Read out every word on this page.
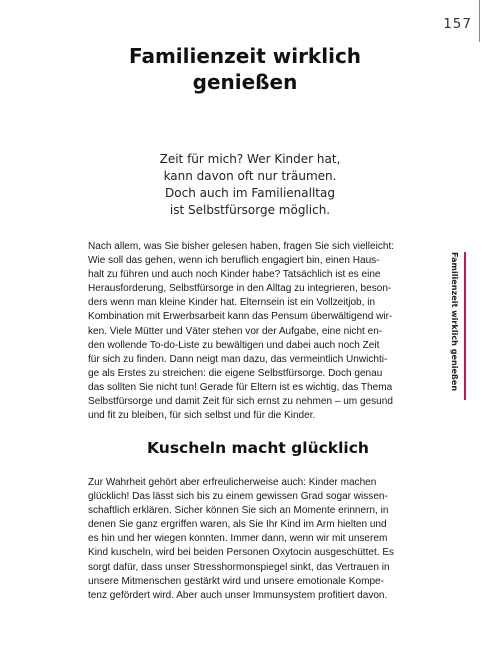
157
Familienzeit wirklich genießen

Zeit für mich? Wer Kinder hat,
kann davon oft nur träumen.
Doch auch im Familienalltag
ist Selbstfürsorge möglich.

Nach allem, was Sie bisher gelesen haben, fragen Sie sich vielleicht:
Wie soll das gehen, wenn ich beruflich engagiert bin, einen Haus-
halt zu führen und auch noch Kinder habe? Tatsächlich ist es eine
Herausforderung, Selbstfürsorge in den Alltag zu integrieren, beson-
ders wenn man kleine Kinder hat. Elternsein ist ein Vollzeitjob, in
Kombination mit Erwerbsarbeit kann das Pensum überwältigend wir-
ken. Viele Mütter und Väter stehen vor der Aufgabe, eine nicht en-
den wollende To-do-Liste zu bewältigen und dabei auch noch Zeit
für sich zu finden. Dann neigt man dazu, das vermeintlich Unwichti-
ge als Erstes zu streichen: die eigene Selbstfürsorge. Doch genau
das sollten Sie nicht tun! Gerade für Eltern ist es wichtig, das Thema
Selbstfürsorge und damit Zeit für sich ernst zu nehmen – um gesund
und fit zu bleiben, für sich selbst und für die Kinder.

Familienzeit wirklich genießen
Kuscheln macht glücklich

Zur Wahrheit gehört aber erfreulicherweise auch: Kinder machen
glücklich! Das lässt sich bis zu einem gewissen Grad sogar wissen-
schaftlich erklären. Sicher können Sie sich an Momente erinnern, in
denen Sie ganz ergriffen waren, als Sie Ihr Kind im Arm hielten und
es hin und her wiegen konnten. Immer dann, wenn wir mit unserem
Kind kuscheln, wird bei beiden Personen Oxytocin ausgeschüttet. Es
sorgt dafür, dass unser Stresshormonspiegel sinkt, das Vertrauen in
unsere Mitmenschen gestärkt wird und unsere emotionale Kompe-
tenz gefördert wird. Aber auch unser Immunsystem profitiert davon.
